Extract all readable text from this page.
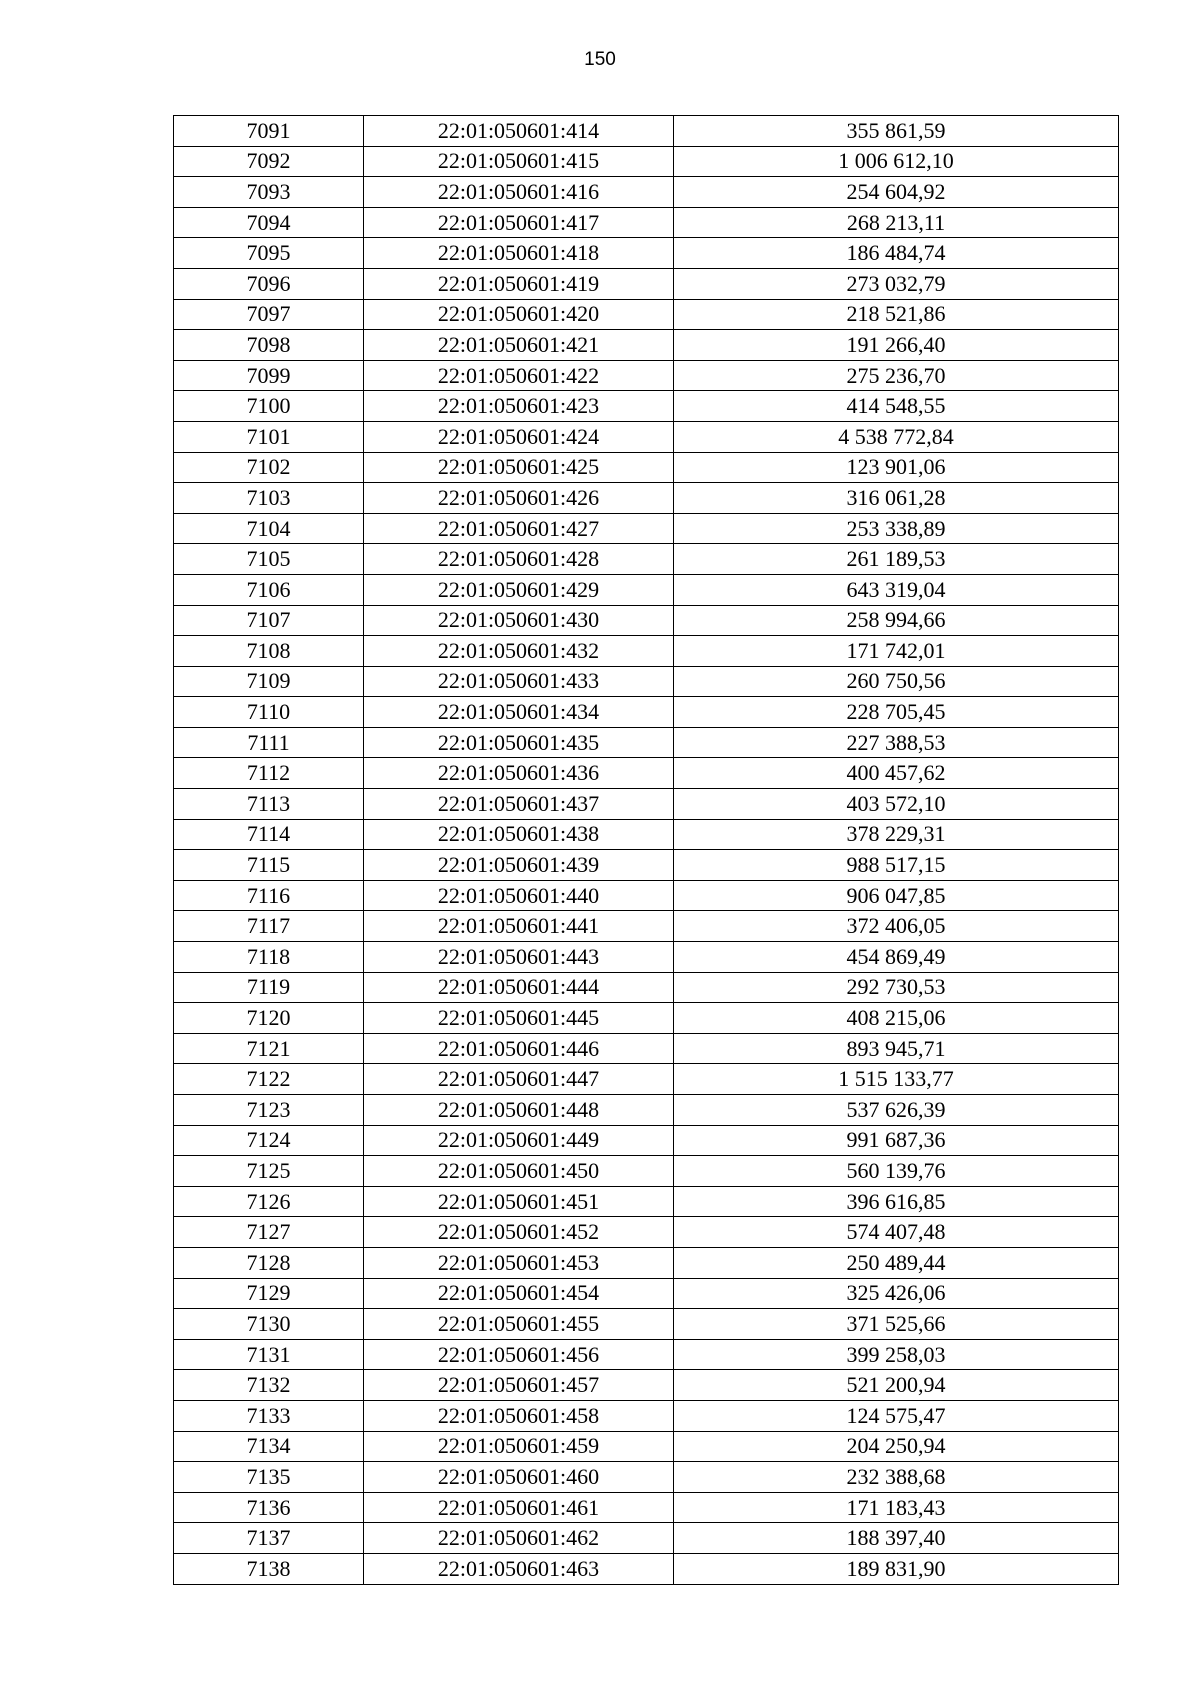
150
7091	22:01:050601:414	355 861,59
7092	22:01:050601:415	1 006 612,10
7093	22:01:050601:416	254 604,92
7094	22:01:050601:417	268 213,11
7095	22:01:050601:418	186 484,74
7096	22:01:050601:419	273 032,79
7097	22:01:050601:420	218 521,86
7098	22:01:050601:421	191 266,40
7099	22:01:050601:422	275 236,70
7100	22:01:050601:423	414 548,55
7101	22:01:050601:424	4 538 772,84
7102	22:01:050601:425	123 901,06
7103	22:01:050601:426	316 061,28
7104	22:01:050601:427	253 338,89
7105	22:01:050601:428	261 189,53
7106	22:01:050601:429	643 319,04
7107	22:01:050601:430	258 994,66
7108	22:01:050601:432	171 742,01
7109	22:01:050601:433	260 750,56
7110	22:01:050601:434	228 705,45
7111	22:01:050601:435	227 388,53
7112	22:01:050601:436	400 457,62
7113	22:01:050601:437	403 572,10
7114	22:01:050601:438	378 229,31
7115	22:01:050601:439	988 517,15
7116	22:01:050601:440	906 047,85
7117	22:01:050601:441	372 406,05
7118	22:01:050601:443	454 869,49
7119	22:01:050601:444	292 730,53
7120	22:01:050601:445	408 215,06
7121	22:01:050601:446	893 945,71
7122	22:01:050601:447	1 515 133,77
7123	22:01:050601:448	537 626,39
7124	22:01:050601:449	991 687,36
7125	22:01:050601:450	560 139,76
7126	22:01:050601:451	396 616,85
7127	22:01:050601:452	574 407,48
7128	22:01:050601:453	250 489,44
7129	22:01:050601:454	325 426,06
7130	22:01:050601:455	371 525,66
7131	22:01:050601:456	399 258,03
7132	22:01:050601:457	521 200,94
7133	22:01:050601:458	124 575,47
7134	22:01:050601:459	204 250,94
7135	22:01:050601:460	232 388,68
7136	22:01:050601:461	171 183,43
7137	22:01:050601:462	188 397,40
7138	22:01:050601:463	189 831,90
